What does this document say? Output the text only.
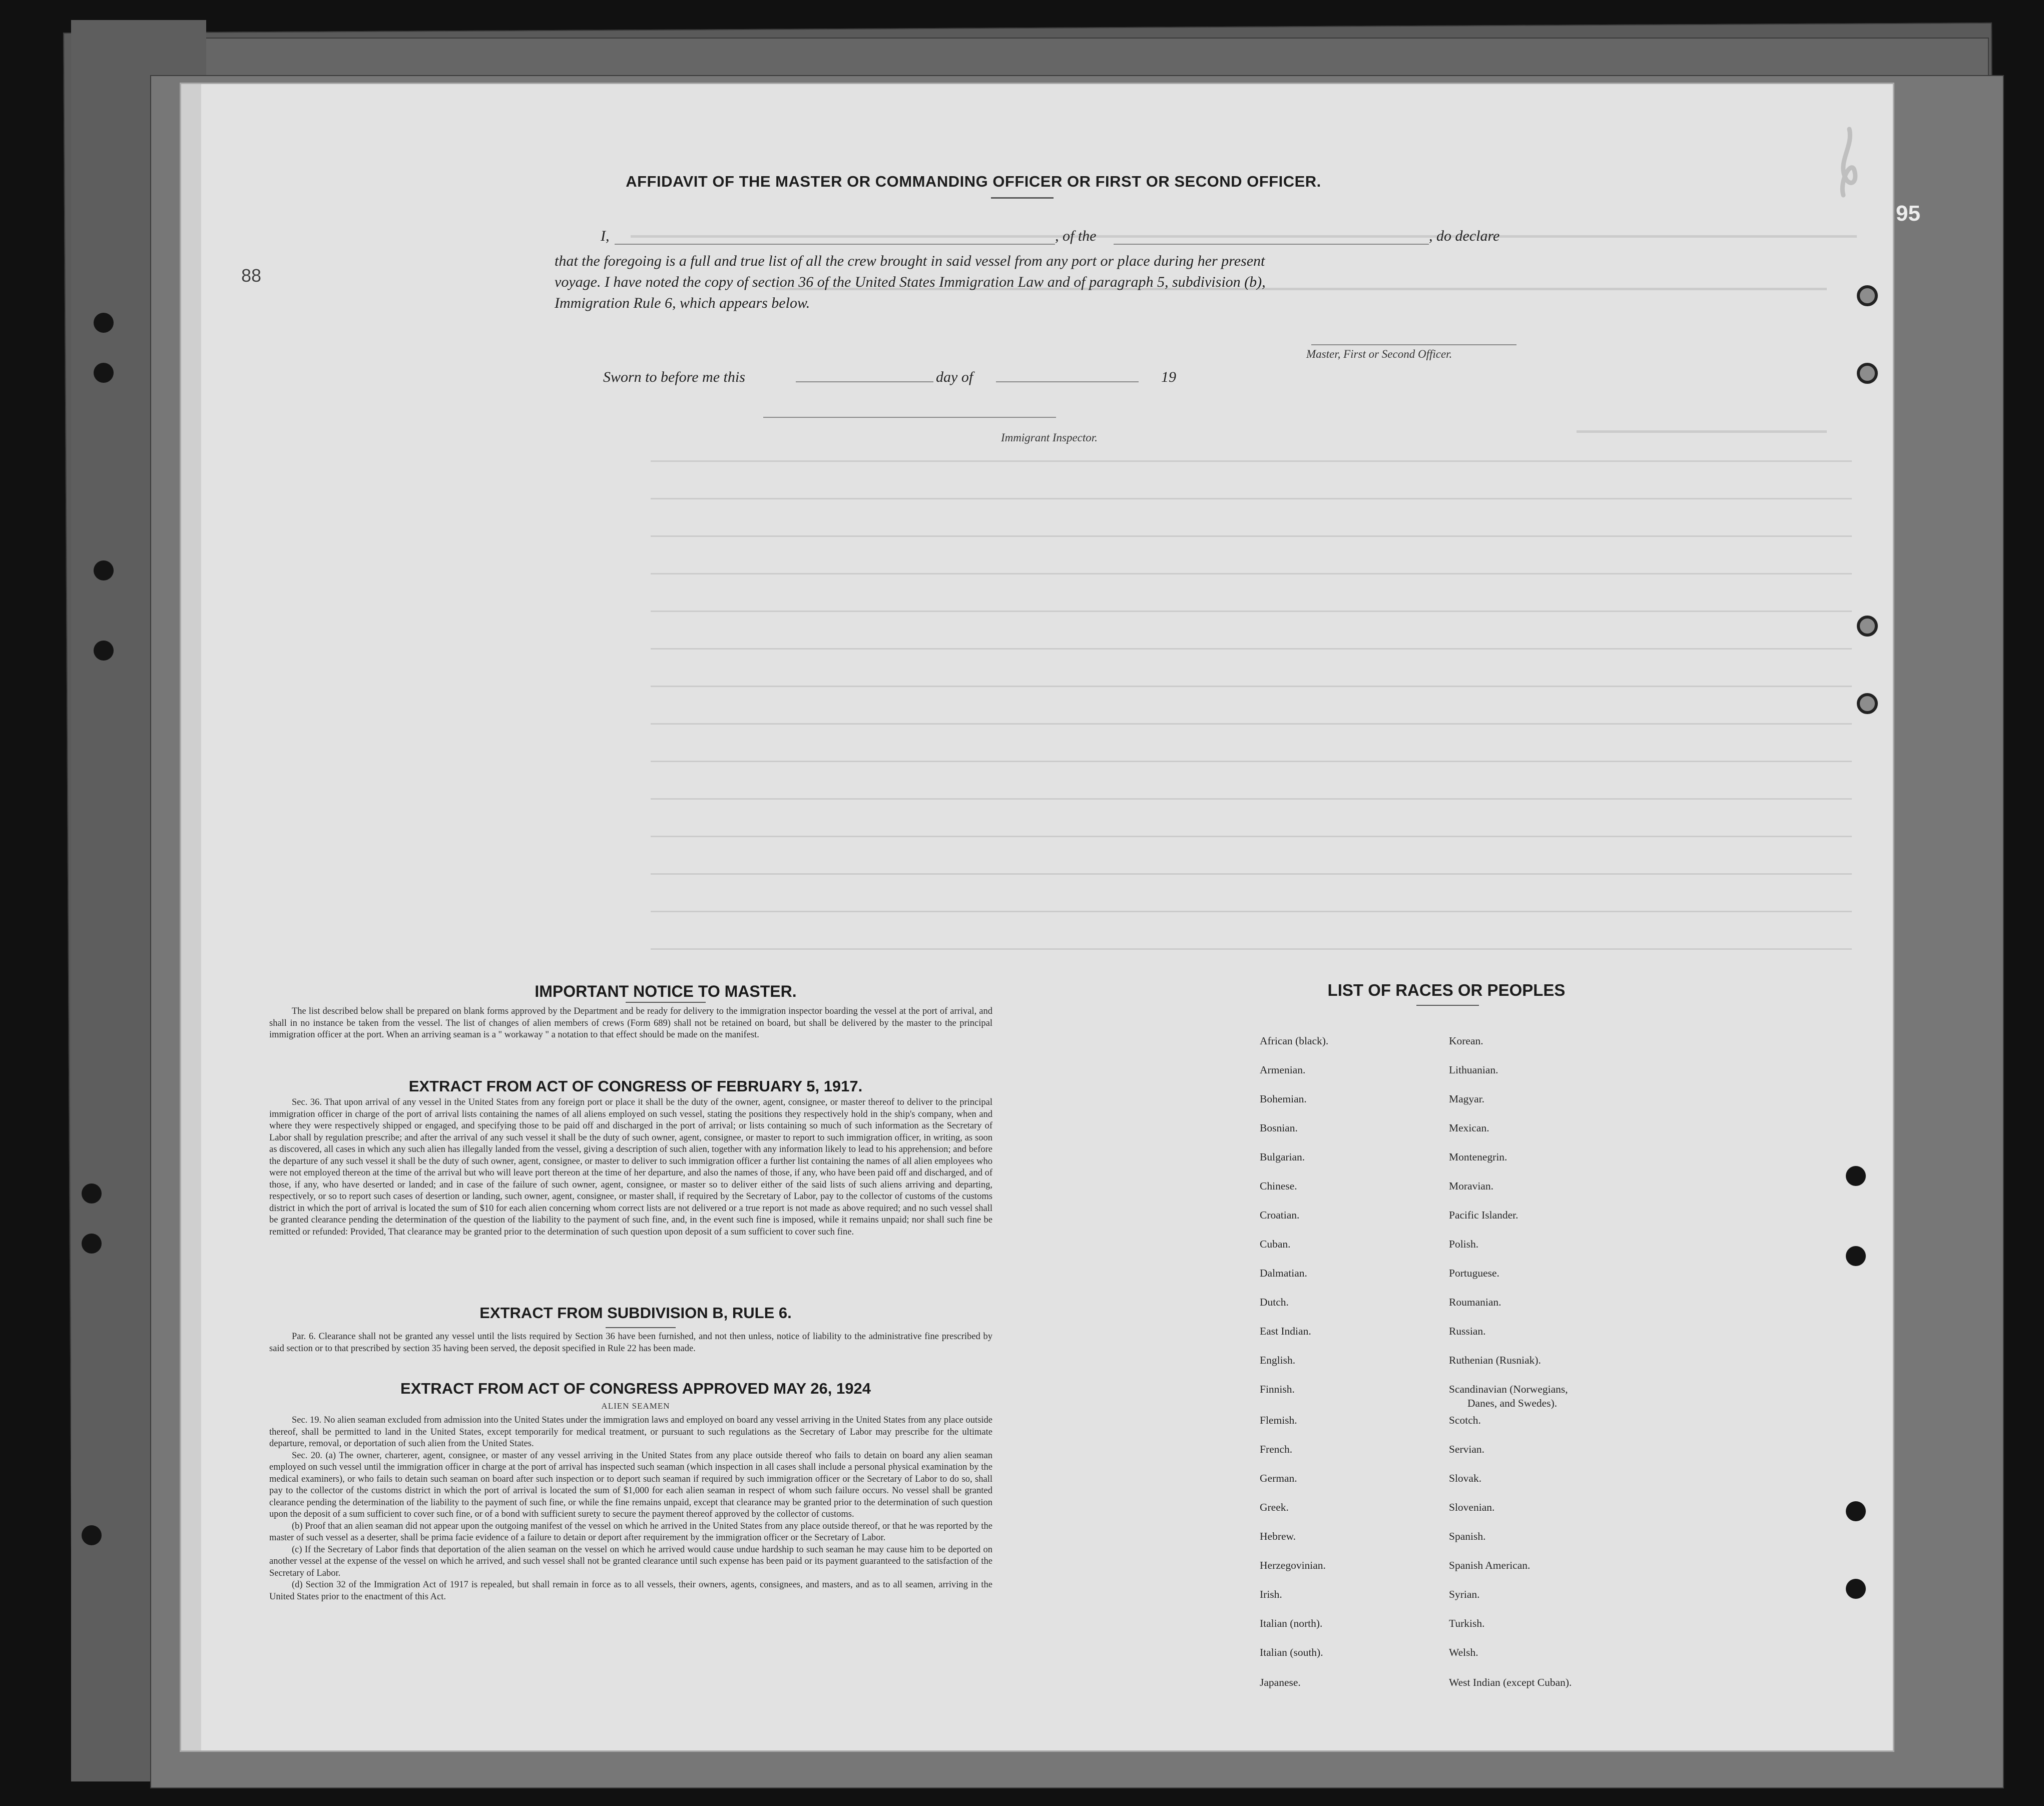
88
95
AFFIDAVIT OF THE MASTER OR COMMANDING OFFICER OR FIRST OR SECOND OFFICER.
I,	, of the	, do declare
that the foregoing is a full and true list of all the crew brought in said vessel from any port or place during her present
voyage. I have noted the copy of section 36 of the United States Immigration Law and of paragraph 5, subdivision (b),
Immigration Rule 6, which appears below.
Master, First or Second Officer.
Sworn to before me this	day of	19
Immigrant Inspector.
IMPORTANT NOTICE TO MASTER.

The list described below shall be prepared on blank forms approved by the Department and be ready for delivery to the immigration inspector boarding the vessel at the port of arrival, and shall in no instance be taken from the vessel. The list of changes of alien members of crews (Form 689) shall not be retained on board, but shall be delivered by the master to the principal immigration officer at the port. When an arriving seaman is a " workaway " a notation to that effect should be made on the manifest.

EXTRACT FROM ACT OF CONGRESS OF FEBRUARY 5, 1917.

Sec. 36. That upon arrival of any vessel in the United States from any foreign port or place it shall be the duty of the owner, agent, consignee, or master thereof to deliver to the principal immigration officer in charge of the port of arrival lists containing the names of all aliens employed on such vessel, stating the positions they respectively hold in the ship's company, when and where they were respectively shipped or engaged, and specifying those to be paid off and discharged in the port of arrival; or lists containing so much of such information as the Secretary of Labor shall by regulation prescribe; and after the arrival of any such vessel it shall be the duty of such owner, agent, consignee, or master to report to such immigration officer, in writing, as soon as discovered, all cases in which any such alien has illegally landed from the vessel, giving a description of such alien, together with any information likely to lead to his apprehension; and before the departure of any such vessel it shall be the duty of such owner, agent, consignee, or master to deliver to such immigration officer a further list containing the names of all alien employees who were not employed thereon at the time of the arrival but who will leave port thereon at the time of her departure, and also the names of those, if any, who have been paid off and discharged, and of those, if any, who have deserted or landed; and in case of the failure of such owner, agent, consignee, or master so to deliver either of the said lists of such aliens arriving and departing, respectively, or so to report such cases of desertion or landing, such owner, agent, consignee, or master shall, if required by the Secretary of Labor, pay to the collector of customs of the customs district in which the port of arrival is located the sum of $10 for each alien concerning whom correct lists are not delivered or a true report is not made as above required; and no such vessel shall be granted clearance pending the determination of the question of the liability to the payment of such fine, and, in the event such fine is imposed, while it remains unpaid; nor shall such fine be remitted or refunded: Provided, That clearance may be granted prior to the determination of such question upon deposit of a sum sufficient to cover such fine.

EXTRACT FROM SUBDIVISION B, RULE 6.

Par. 6. Clearance shall not be granted any vessel until the lists required by Section 36 have been furnished, and not then unless, notice of liability to the administrative fine prescribed by said section or to that prescribed by section 35 having been served, the deposit specified in Rule 22 has been made.

EXTRACT FROM ACT OF CONGRESS APPROVED MAY 26, 1924
ALIEN SEAMEN

Sec. 19. No alien seaman excluded from admission into the United States under the immigration laws and employed on board any vessel arriving in the United States from any place outside thereof, shall be permitted to land in the United States, except temporarily for medical treatment, or pursuant to such regulations as the Secretary of Labor may prescribe for the ultimate departure, removal, or deportation of such alien from the United States.

Sec. 20. (a) The owner, charterer, agent, consignee, or master of any vessel arriving in the United States from any place outside thereof who fails to detain on board any alien seaman employed on such vessel until the immigration officer in charge at the port of arrival has inspected such seaman (which inspection in all cases shall include a personal physical examination by the medical examiners), or who fails to detain such seaman on board after such inspection or to deport such seaman if required by such immigration officer or the Secretary of Labor to do so, shall pay to the collector of the customs district in which the port of arrival is located the sum of $1,000 for each alien seaman in respect of whom such failure occurs. No vessel shall be granted clearance pending the determination of the liability to the payment of such fine, or while the fine remains unpaid, except that clearance may be granted prior to the determination of such question upon the deposit of a sum sufficient to cover such fine, or of a bond with sufficient surety to secure the payment thereof approved by the collector of customs.

(b) Proof that an alien seaman did not appear upon the outgoing manifest of the vessel on which he arrived in the United States from any place outside thereof, or that he was reported by the master of such vessel as a deserter, shall be prima facie evidence of a failure to detain or deport after requirement by the immigration officer or the Secretary of Labor.

(c) If the Secretary of Labor finds that deportation of the alien seaman on the vessel on which he arrived would cause undue hardship to such seaman he may cause him to be deported on another vessel at the expense of the vessel on which he arrived, and such vessel shall not be granted clearance until such expense has been paid or its payment guaranteed to the satisfaction of the Secretary of Labor.

(d) Section 32 of the Immigration Act of 1917 is repealed, but shall remain in force as to all vessels, their owners, agents, consignees, and masters, and as to all seamen, arriving in the United States prior to the enactment of this Act.

LIST OF RACES OR PEOPLES
African (black).
Armenian.
Bohemian.
Bosnian.
Bulgarian.
Chinese.
Croatian.
Cuban.
Dalmatian.
Dutch.
East Indian.
English.
Finnish.
Flemish.
French.
German.
Greek.
Hebrew.
Herzegovinian.
Irish.
Italian (north).
Italian (south).
Japanese.
Korean.
Lithuanian.
Magyar.
Mexican.
Montenegrin.
Moravian.
Pacific Islander.
Polish.
Portuguese.
Roumanian.
Russian.
Ruthenian (Rusniak).
Scandinavian (Norwegians,
Danes, and Swedes).
Scotch.
Servian.
Slovak.
Slovenian.
Spanish.
Spanish American.
Syrian.
Turkish.
Welsh.
West Indian (except Cuban).
